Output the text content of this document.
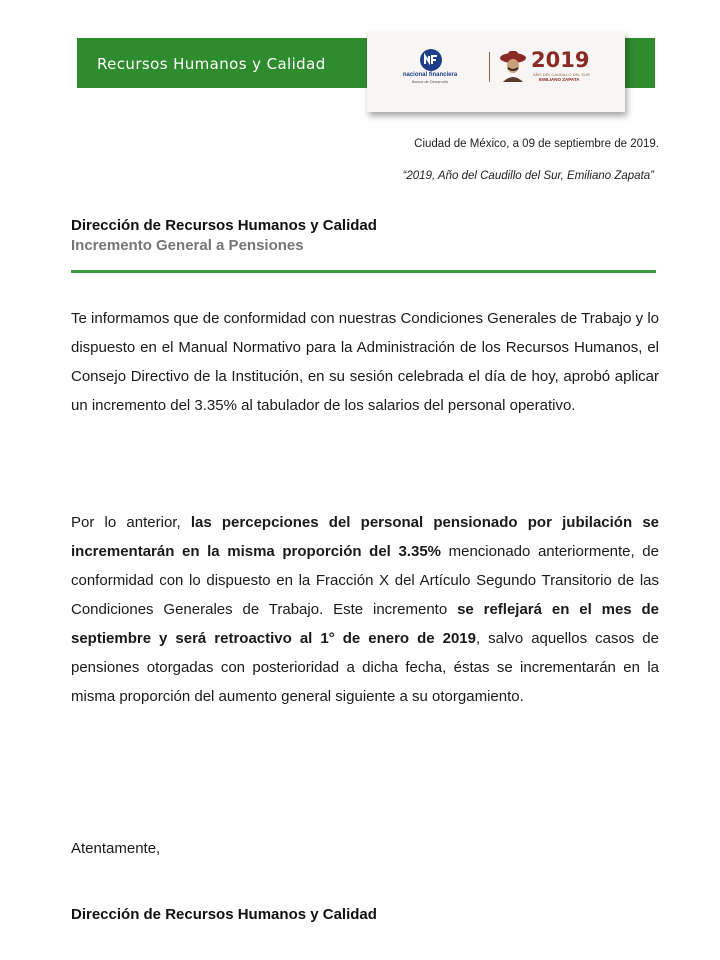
Recursos Humanos y Calidad
nacional financiera
Banca de Desarrollo
2019
AÑO DEL CAUDILLO DEL SUR
EMILIANO ZAPATA
Ciudad de México, a 09 de septiembre de 2019.
“2019, Año del Caudillo del Sur, Emiliano Zapata”
Dirección de Recursos Humanos y Calidad
Incremento General a Pensiones

Te informamos que de conformidad con nuestras Condiciones Generales de Trabajo y lo dispuesto en el Manual Normativo para la Administración de los Recursos Humanos, el Consejo Directivo de la Institución, en su sesión celebrada el día de hoy, aprobó aplicar un incremento del 3.35% al tabulador de los salarios del personal operativo.

Por lo anterior, las percepciones del personal pensionado por jubilación se incrementarán en la misma proporción del 3.35% mencionado anteriormente, de conformidad con lo dispuesto en la Fracción X del Artículo Segundo Transitorio de las Condiciones Generales de Trabajo. Este incremento se reflejará en el mes de septiembre y será retroactivo al 1° de enero de 2019, salvo aquellos casos de pensiones otorgadas con posterioridad a dicha fecha, éstas se incrementarán en la misma proporción del aumento general siguiente a su otorgamiento.

Atentamente,
Dirección de Recursos Humanos y Calidad
